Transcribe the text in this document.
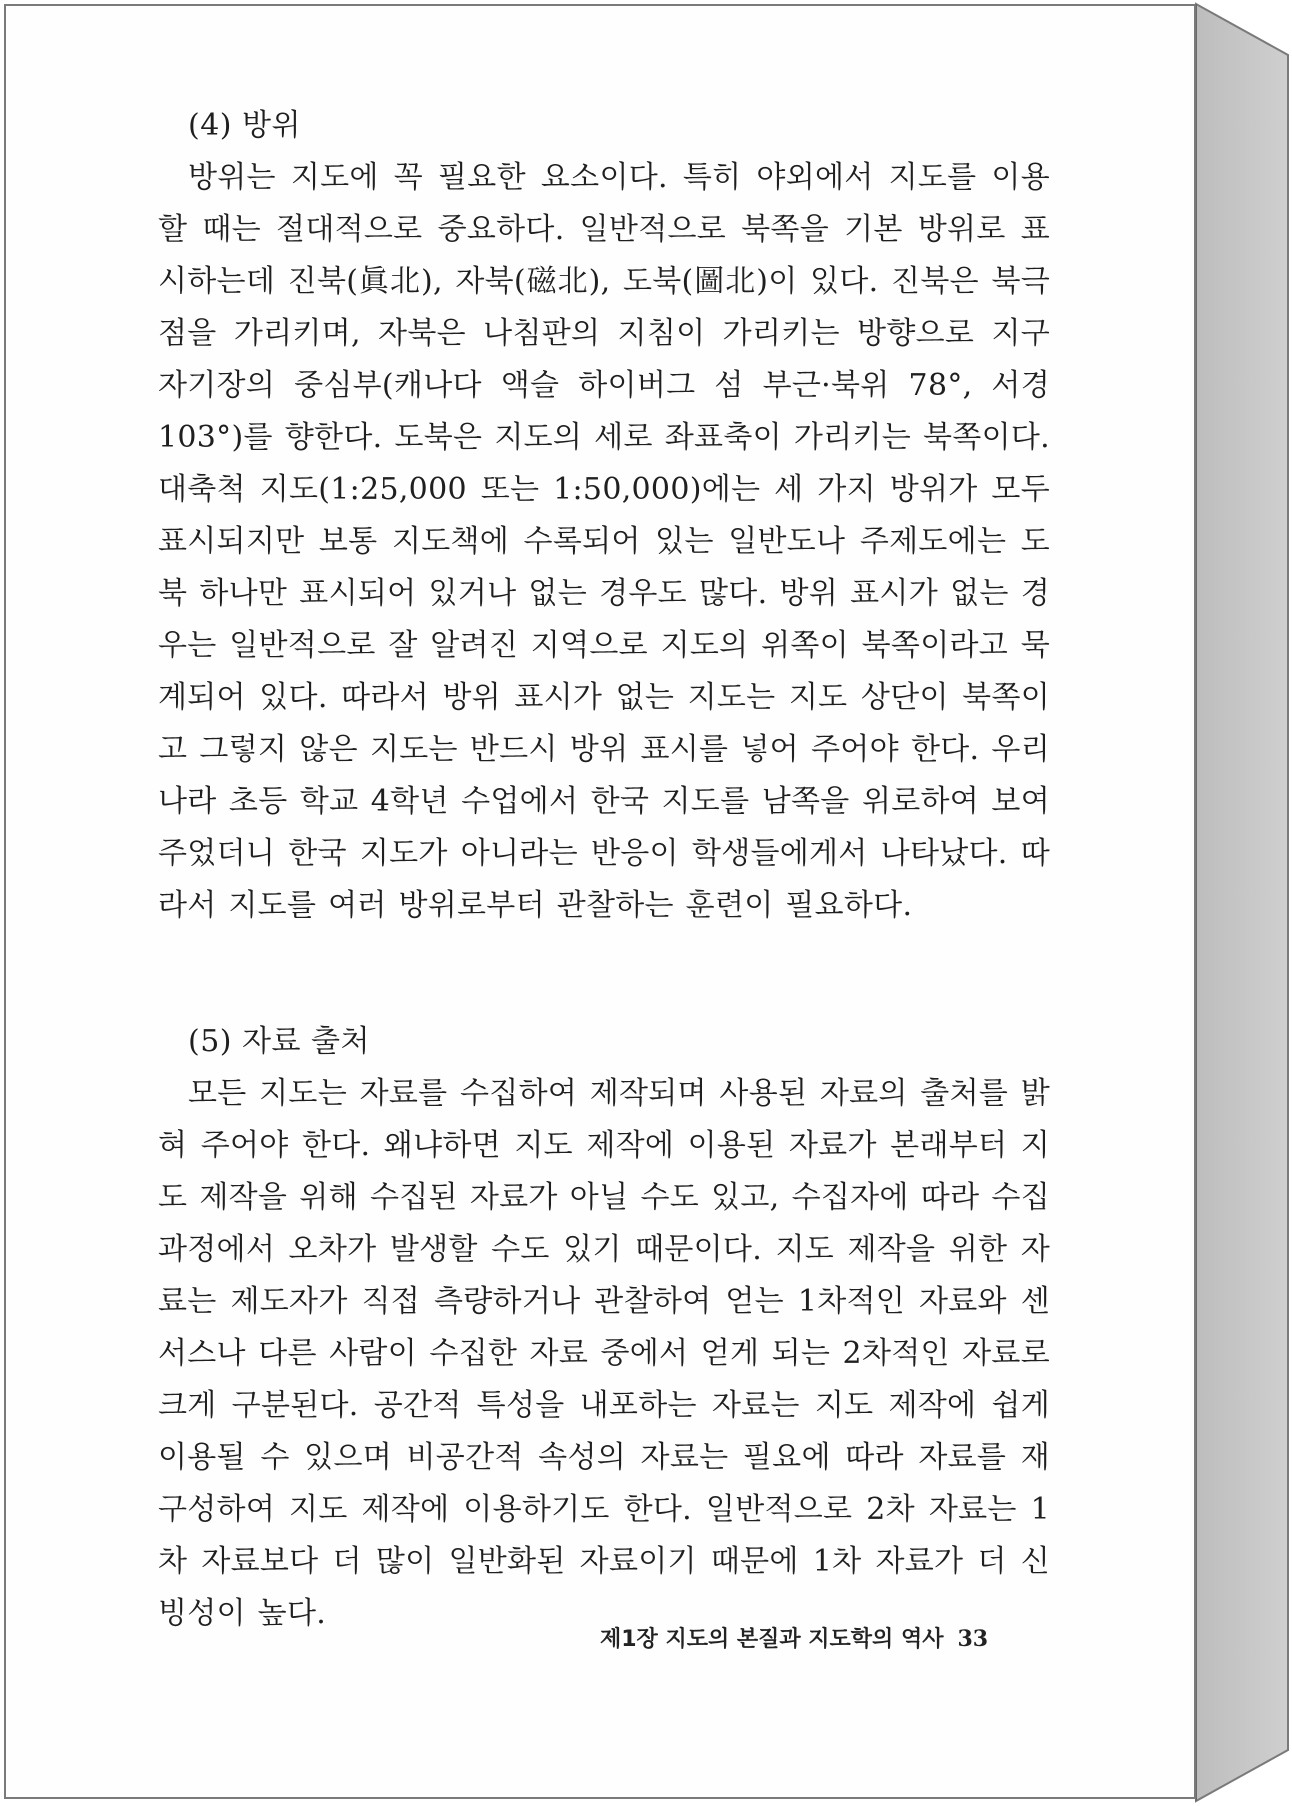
(4) 방위

방위는 지도에 꼭 필요한 요소이다. 특히 야외에서 지도를 이용할 때는 절대적으로 중요하다. 일반적으로 북쪽을 기본 방위로 표시하는데 진북(眞北), 자북(磁北), 도북(圖北)이 있다. 진북은 북극점을 가리키며, 자북은 나침판의 지침이 가리키는 방향으로 지구 자기장의 중심부(캐나다 액슬 하이버그 섬 부근·북위 78°, 서경 103°)를 향한다. 도북은 지도의 세로 좌표축이 가리키는 북쪽이다. 대축척 지도(1:25,000 또는 1:50,000)에는 세 가지 방위가 모두 표시되지만 보통 지도책에 수록되어 있는 일반도나 주제도에는 도북 하나만 표시되어 있거나 없는 경우도 많다. 방위 표시가 없는 경우는 일반적으로 잘 알려진 지역으로 지도의 위쪽이 북쪽이라고 묵계되어 있다. 따라서 방위 표시가 없는 지도는 지도 상단이 북쪽이고 그렇지 않은 지도는 반드시 방위 표시를 넣어 주어야 한다. 우리 나라 초등 학교 4학년 수업에서 한국 지도를 남쪽을 위로하여 보여 주었더니 한국 지도가 아니라는 반응이 학생들에게서 나타났다. 따라서 지도를 여러 방위로부터 관찰하는 훈련이 필요하다.

(5) 자료 출처

모든 지도는 자료를 수집하여 제작되며 사용된 자료의 출처를 밝혀 주어야 한다. 왜냐하면 지도 제작에 이용된 자료가 본래부터 지도 제작을 위해 수집된 자료가 아닐 수도 있고, 수집자에 따라 수집 과정에서 오차가 발생할 수도 있기 때문이다. 지도 제작을 위한 자료는 제도자가 직접 측량하거나 관찰하여 얻는 1차적인 자료와 센서스나 다른 사람이 수집한 자료 중에서 얻게 되는 2차적인 자료로 크게 구분된다. 공간적 특성을 내포하는 자료는 지도 제작에 쉽게 이용될 수 있으며 비공간적 속성의 자료는 필요에 따라 자료를 재구성하여 지도 제작에 이용하기도 한다. 일반적으로 2차 자료는 1차 자료보다 더 많이 일반화된 자료이기 때문에 1차 자료가 더 신빙성이 높다.

제1장 지도의 본질과 지도학의 역사 33
